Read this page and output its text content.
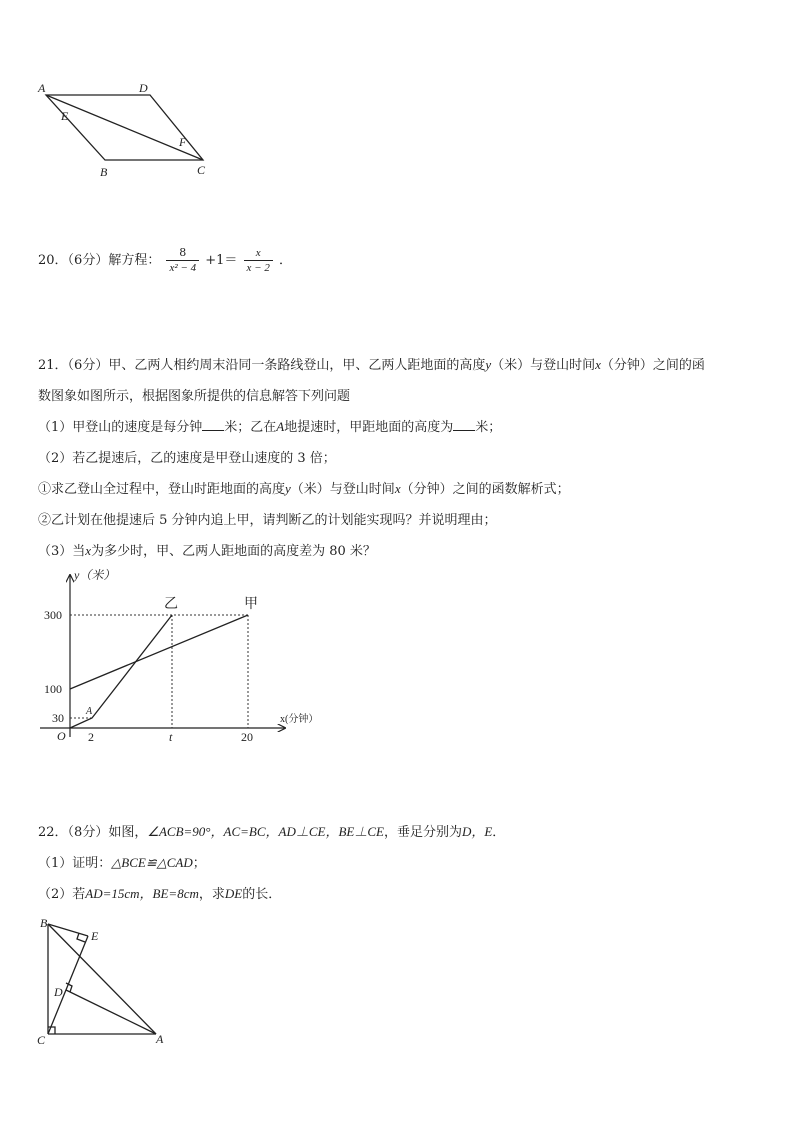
A	D
E
F
B	C
20．（6分）解方程： $\frac{8}{\text{x² − 4}} +1= \frac{x}{x - 2}$ ．
21．（6分）甲、乙两人相约周末沿同一条路线登山，甲、乙两人距地面的高度y（米）与登山时间x（分钟）之间的函
数图象如图所示，根据图象所提供的信息解答下列问题
（1）甲登山的速度是每分钟 米；乙在A地提速时，甲距地面的高度为 米；
（2）若乙提速后，乙的速度是甲登山速度的 3 倍；
①求乙登山全过程中，登山时距地面的高度y（米）与登山时间x（分钟）之间的函数解析式；
②乙计划在他提速后 5 分钟内追上甲，请判断乙的计划能实现吗？并说明理由；
（3）当x为多少时，甲、乙两人距地面的高度差为 80 米？
y（米）
x(分钟）
300
100
30
2	t	20
O
A
乙	甲
22．（8分）如图，∠ACB=90°，AC=BC，AD⊥CE，BE⊥CE，垂足分别为D，E．
（1）证明：△BCE≌△CAD；
（2）若AD=15cm，BE=8cm，求DE的长．
B
E
D
C	A
